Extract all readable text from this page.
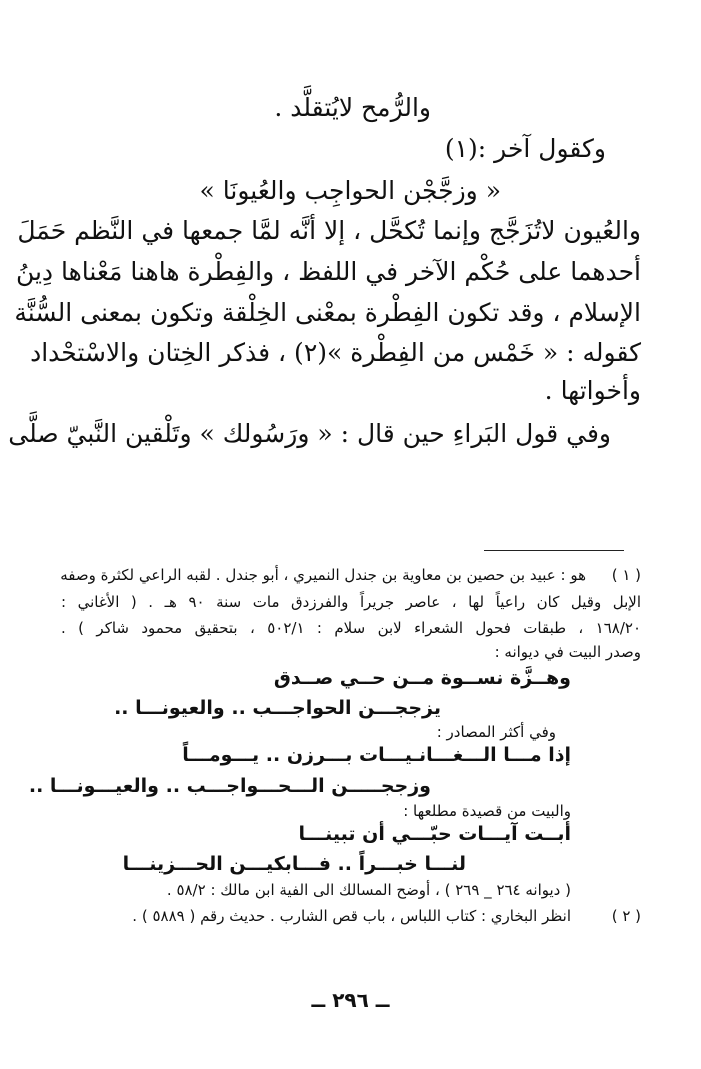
والرُّمح لايُتقلَّد .
وكقول آخر :(١)
« وزجَّجْن الحواجِب والعُيونَا »
والعُيون لاتُزَجَّج وإنما تُكحَّل ، إلا أنَّه لمَّا جمعها في النَّظم حَمَلَ
أحدهما على حُكْم الآخر في اللفظ ، والفِطْرة هاهنا مَعْناها دِينُ
الإسلام ، وقد تكون الفِطْرة بمعْنى الخِلْقة وتكون بمعنى السُّنَّة
كقوله : « خَمْس من الفِطْرة »(٢) ، فذكر الخِتان والاسْتحْداد
وأخواتها .
وفي قول البَراءِ حين قال : « ورَسُولك » وتَلْقين النَّبيّ صلَّى
( ١ )
هو : عبيد بن حصين بن معاوية بن جندل النميري ، أبو جندل . لقبه الراعي لكثرة وصفه
الإبل وقيل كان راعياً لها ، عاصر جريراً والفرزدق مات سنة ٩٠ هـ . ( الأغاني :
١٦٨/٢٠ ، طبقات فحول الشعراء لابن سلام : ٥٠٢/١ ، بتحقيق محمود شاكر ) .
وصدر البيت في ديوانه :
وهــزَّة نســوة مــن حــي صــدق
يزججـــن الحواجـــب .. والعيونـــا ..
وفي أكثر المصادر :
إذا مـــا الـــغـــانـيـــات بـــرزن .. يـــومـــاً
وزججـــــن الـــحـــواجـــب .. والعيـــونـــا ..
والبيت من قصيدة مطلعها :
أبــت آيـــات حبّـــي أن تبينـــا
لنـــا خبـــراً .. فـــابكيـــن الحـــزينـــا
( ديوانه ٢٦٤ _ ٢٦٩ ) ، أوضح المسالك الى الفية ابن مالك : ٥٨/٢ .
( ٢ )
انظر البخاري : كتاب اللباس ، باب قص الشارب . حديث رقم ( ٥٨٨٩ ) .
ــ ٢٩٦ ــ
